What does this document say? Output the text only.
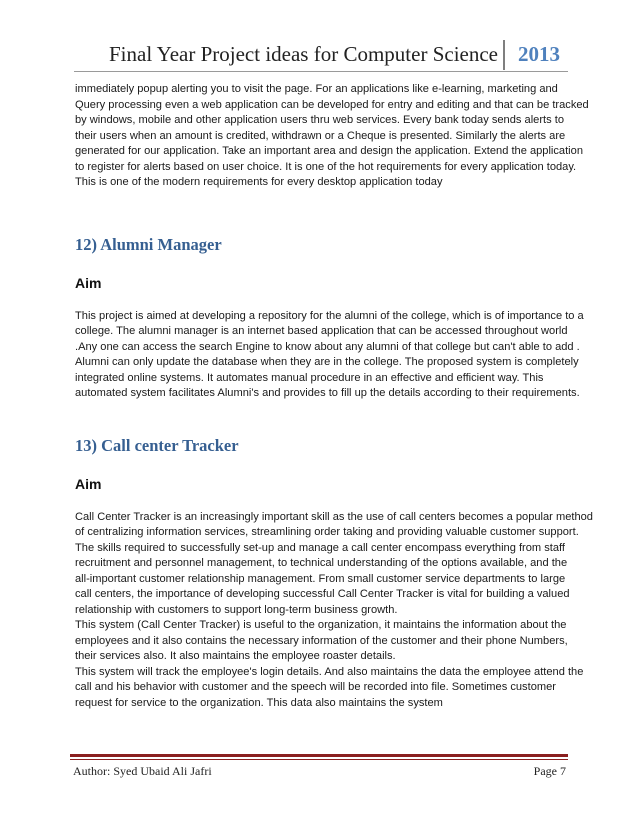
Final Year Project ideas for Computer Science 2013

immediately popup alerting you to visit the page. For an applications like e-learning, marketing and
Query processing even a web application can be developed for entry and editing and that can be tracked
by windows, mobile and other application users thru web services. Every bank today sends alerts to
their users when an amount is credited, withdrawn or a Cheque is presented. Similarly the alerts are
generated for our application. Take an important area and design the application. Extend the application
to register for alerts based on user choice. It is one of the hot requirements for every application today.
This is one of the modern requirements for every desktop application today

12) Alumni Manager
Aim

This project is aimed at developing a repository for the alumni of the college, which is of importance to a
college. The alumni manager is an internet based application that can be accessed throughout world
.Any one can access the search Engine to know about any alumni of that college but can't able to add .
Alumni can only update the database when they are in the college. The proposed system is completely
integrated online systems. It automates manual procedure in an effective and efficient way. This
automated system facilitates Alumni's and provides to fill up the details according to their requirements.

13) Call center Tracker
Aim

Call Center Tracker is an increasingly important skill as the use of call centers becomes a popular method
of centralizing information services, streamlining order taking and providing valuable customer support.
The skills required to successfully set-up and manage a call center encompass everything from staff
recruitment and personnel management, to technical understanding of the options available, and the
all-important customer relationship management. From small customer service departments to large
call centers, the importance of developing successful Call Center Tracker is vital for building a valued
relationship with customers to support long-term business growth.
This system (Call Center Tracker) is useful to the organization, it maintains the information about the
employees and it also contains the necessary information of the customer and their phone Numbers,
their services also. It also maintains the employee roaster details.
This system will track the employee's login details. And also maintains the data the employee attend the
call and his behavior with customer and the speech will be recorded into file. Sometimes customer
request for service to the organization. This data also maintains the system

Author: Syed Ubaid Ali Jafri	Page 7
